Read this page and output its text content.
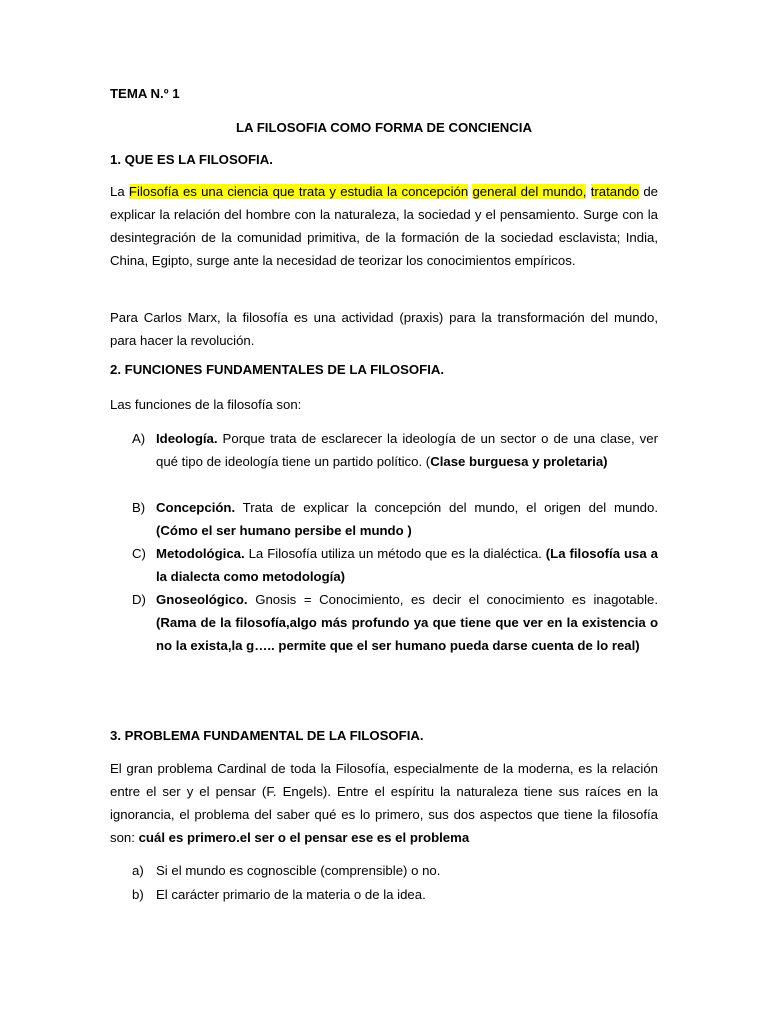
TEMA N.º 1

LA FILOSOFIA COMO FORMA DE CONCIENCIA

1. QUE ES LA FILOSOFIA.

La Filosofía es una ciencia que trata y estudia la concepción general del mundo, tratando de explicar la relación del hombre con la naturaleza, la sociedad y el pensamiento. Surge con la desintegración de la comunidad primitiva, de la formación de la sociedad esclavista; India, China, Egipto, surge ante la necesidad de teorizar los conocimientos empíricos.

Para Carlos Marx, la filosofía es una actividad (praxis) para la transformación del mundo, para hacer la revolución.

2. FUNCIONES FUNDAMENTALES DE LA FILOSOFIA.

Las funciones de la filosofía son:

A) Ideología. Porque trata de esclarecer la ideología de un sector o de una clase, ver qué tipo de ideología tiene un partido político. (Clase burguesa y proletaria)
B) Concepción. Trata de explicar la concepción del mundo, el origen del mundo. (Cómo el ser humano persibe el mundo )
C) Metodológica. La Filosofía utiliza un método que es la dialéctica. (La filosofía usa a la dialecta como metodología)
D) Gnoseológico. Gnosis = Conocimiento, es decir el conocimiento es inagotable. (Rama de la filosofía,algo más profundo ya que tiene que ver en la existencia o no la exista,la g….. permite que el ser humano pueda darse cuenta de lo real)

3. PROBLEMA FUNDAMENTAL DE LA FILOSOFIA.

El gran problema Cardinal de toda la Filosofía, especialmente de la moderna, es la relación entre el ser y el pensar (F. Engels). Entre el espíritu la naturaleza tiene sus raíces en la ignorancia, el problema del saber qué es lo primero, sus dos aspectos que tiene la filosofía son: cuál es primero.el ser o el pensar ese es el problema

a) Si el mundo es cognoscible (comprensible) o no.
b) El carácter primario de la materia o de la idea.
